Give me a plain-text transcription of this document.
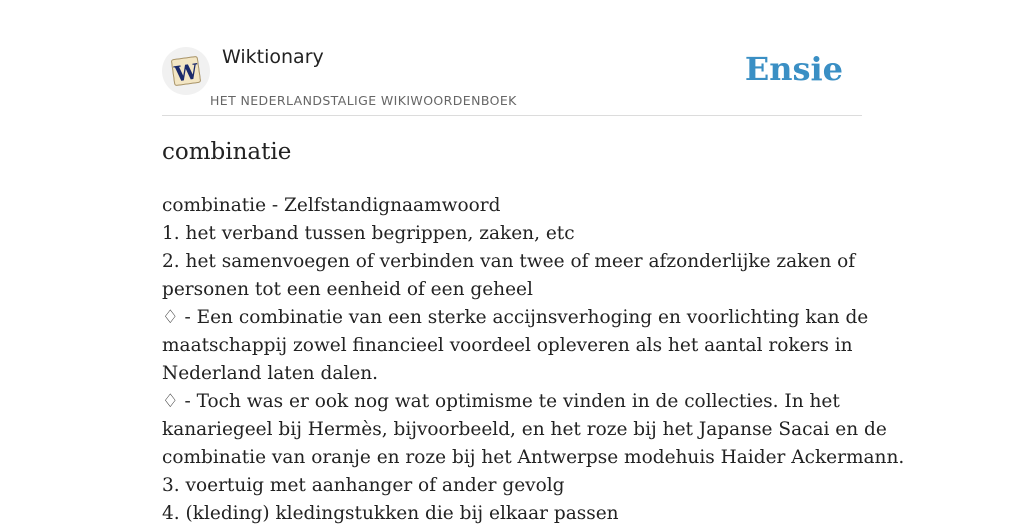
W
Wiktionary
HET NEDERLANDSTALIGE WIKIWOORDENBOEK
Ensie
combinatie
combinatie - Zelfstandignaamwoord
1. het verband tussen begrippen, zaken, etc
2. het samenvoegen of verbinden van twee of meer afzonderlijke zaken of
personen tot een eenheid of een geheel
♢ - Een combinatie van een sterke accijnsverhoging en voorlichting kan de
maatschappij zowel financieel voordeel opleveren als het aantal rokers in
Nederland laten dalen.
♢ - Toch was er ook nog wat optimisme te vinden in de collecties. In het
kanariegeel bij Hermès, bijvoorbeeld, en het roze bij het Japanse Sacai en de
combinatie van oranje en roze bij het Antwerpse modehuis Haider Ackermann.
3. voertuig met aanhanger of ander gevolg
4. (kleding) kledingstukken die bij elkaar passen
